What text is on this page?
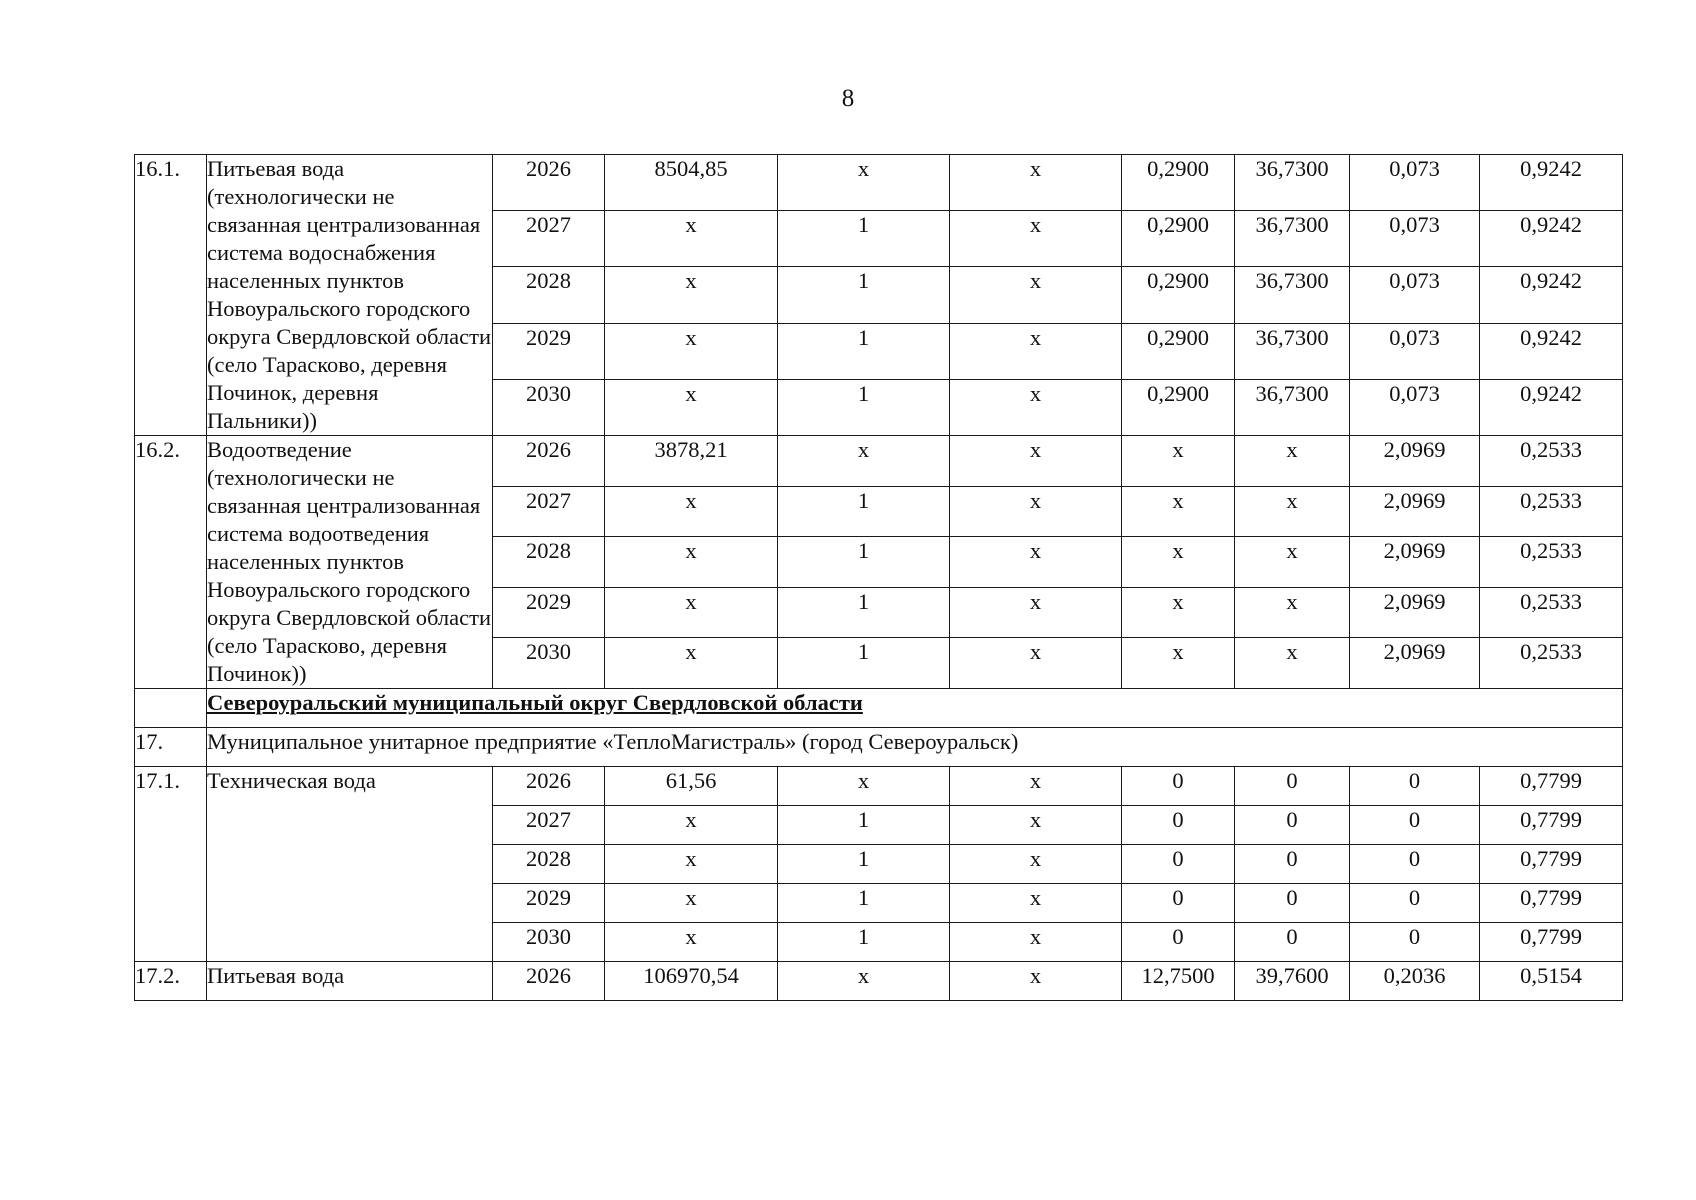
8
16.1.	Питьевая вода (технологически не связанная централизованная система водоснабжения населенных пунктов Новоуральского городского округа Свердловской области (село Тарасково, деревня Починок, деревня Пальники))	2026	8504,85	x	x	0,2900	36,7300	0,073	0,9242
		2027	x	1	x	0,2900	36,7300	0,073	0,9242
		2028	x	1	x	0,2900	36,7300	0,073	0,9242
		2029	x	1	x	0,2900	36,7300	0,073	0,9242
		2030	x	1	x	0,2900	36,7300	0,073	0,9242
16.2.	Водоотведение (технологически не связанная централизованная система водоотведения населенных пунктов Новоуральского городского округа Свердловской области (село Тарасково, деревня Починок))	2026	3878,21	x	x	x	x	2,0969	0,2533
		2027	x	1	x	x	x	2,0969	0,2533
		2028	x	1	x	x	x	2,0969	0,2533
		2029	x	1	x	x	x	2,0969	0,2533
		2030	x	1	x	x	x	2,0969	0,2533
	Североуральский муниципальный округ Свердловской области								
17.	Муниципальное унитарное предприятие «ТеплоМагистраль» (город Североуральск)								
17.1.	Техническая вода	2026	61,56	x	x	0	0	0	0,7799
		2027	x	1	x	0	0	0	0,7799
		2028	x	1	x	0	0	0	0,7799
		2029	x	1	x	0	0	0	0,7799
		2030	x	1	x	0	0	0	0,7799
17.2.	Питьевая вода	2026	106970,54	x	x	12,7500	39,7600	0,2036	0,5154
